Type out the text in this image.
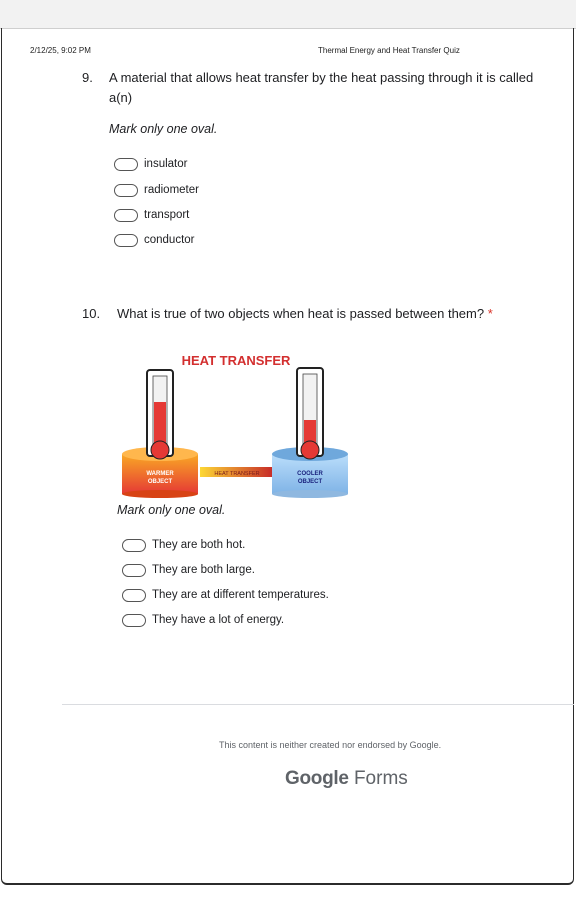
2/12/25, 9:02 PM	Thermal Energy and Heat Transfer Quiz
9. A material that allows heat transfer by the heat passing through it is called
a(n)
Mark only one oval.
insulator
radiometer
transport
conductor
10. What is true of two objects when heat is passed between them? *
HEAT TRANSFER
WARMER
OBJECT
HEAT TRANSFER	COOLER
OBJECT
Mark only one oval.
They are both hot.
They are both large.
They are at different temperatures.
They have a lot of energy.
This content is neither created nor endorsed by Google.
Google Forms
